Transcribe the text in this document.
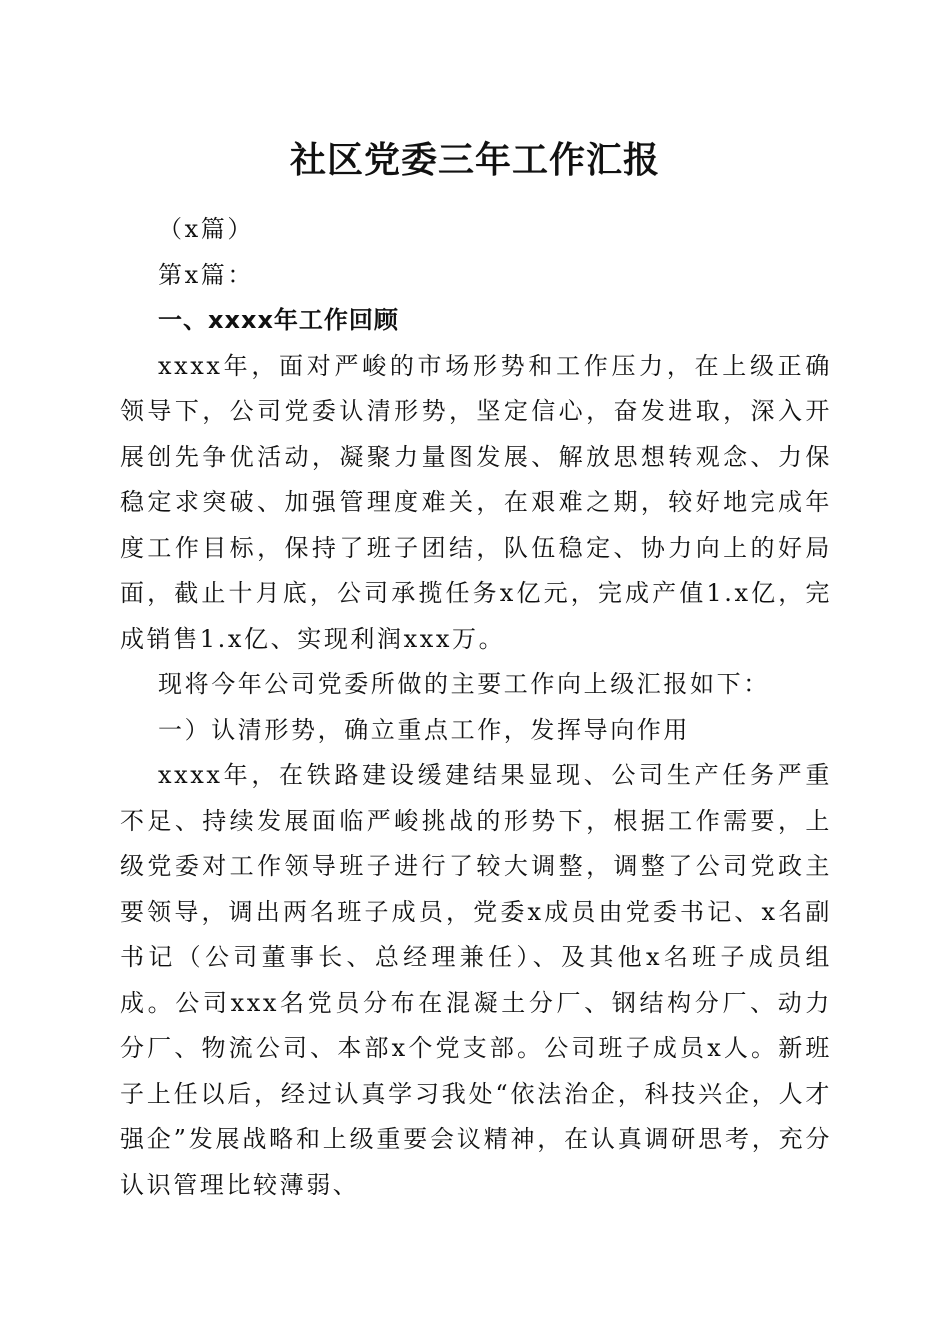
社区党委三年工作汇报

（x篇）

第x篇：

一、xxxx年工作回顾

xxxx年，面对严峻的市场形势和工作压力，在上级正确领导下，公司党委认清形势，坚定信心，奋发进取，深入开展创先争优活动，凝聚力量图发展、解放思想转观念、力保稳定求突破、加强管理度难关，在艰难之期，较好地完成年度工作目标，保持了班子团结，队伍稳定、协力向上的好局面，截止十月底，公司承揽任务x亿元，完成产值1.x亿，完成销售1.x亿、实现利润xxx万。

现将今年公司党委所做的主要工作向上级汇报如下：

一）认清形势，确立重点工作，发挥导向作用

xxxx年，在铁路建设缓建结果显现、公司生产任务严重不足、持续发展面临严峻挑战的形势下，根据工作需要，上级党委对工作领导班子进行了较大调整，调整了公司党政主要领导，调出两名班子成员，党委x成员由党委书记、x名副书记（公司董事长、总经理兼任）、及其他x名班子成员组成。公司xxx名党员分布在混凝土分厂、钢结构分厂、动力分厂、物流公司、本部x个党支部。公司班子成员x人。新班子上任以后，经过认真学习我处“依法治企，科技兴企，人才强企”发展战略和上级重要会议精神，在认真调研思考，充分认识管理比较薄弱、
